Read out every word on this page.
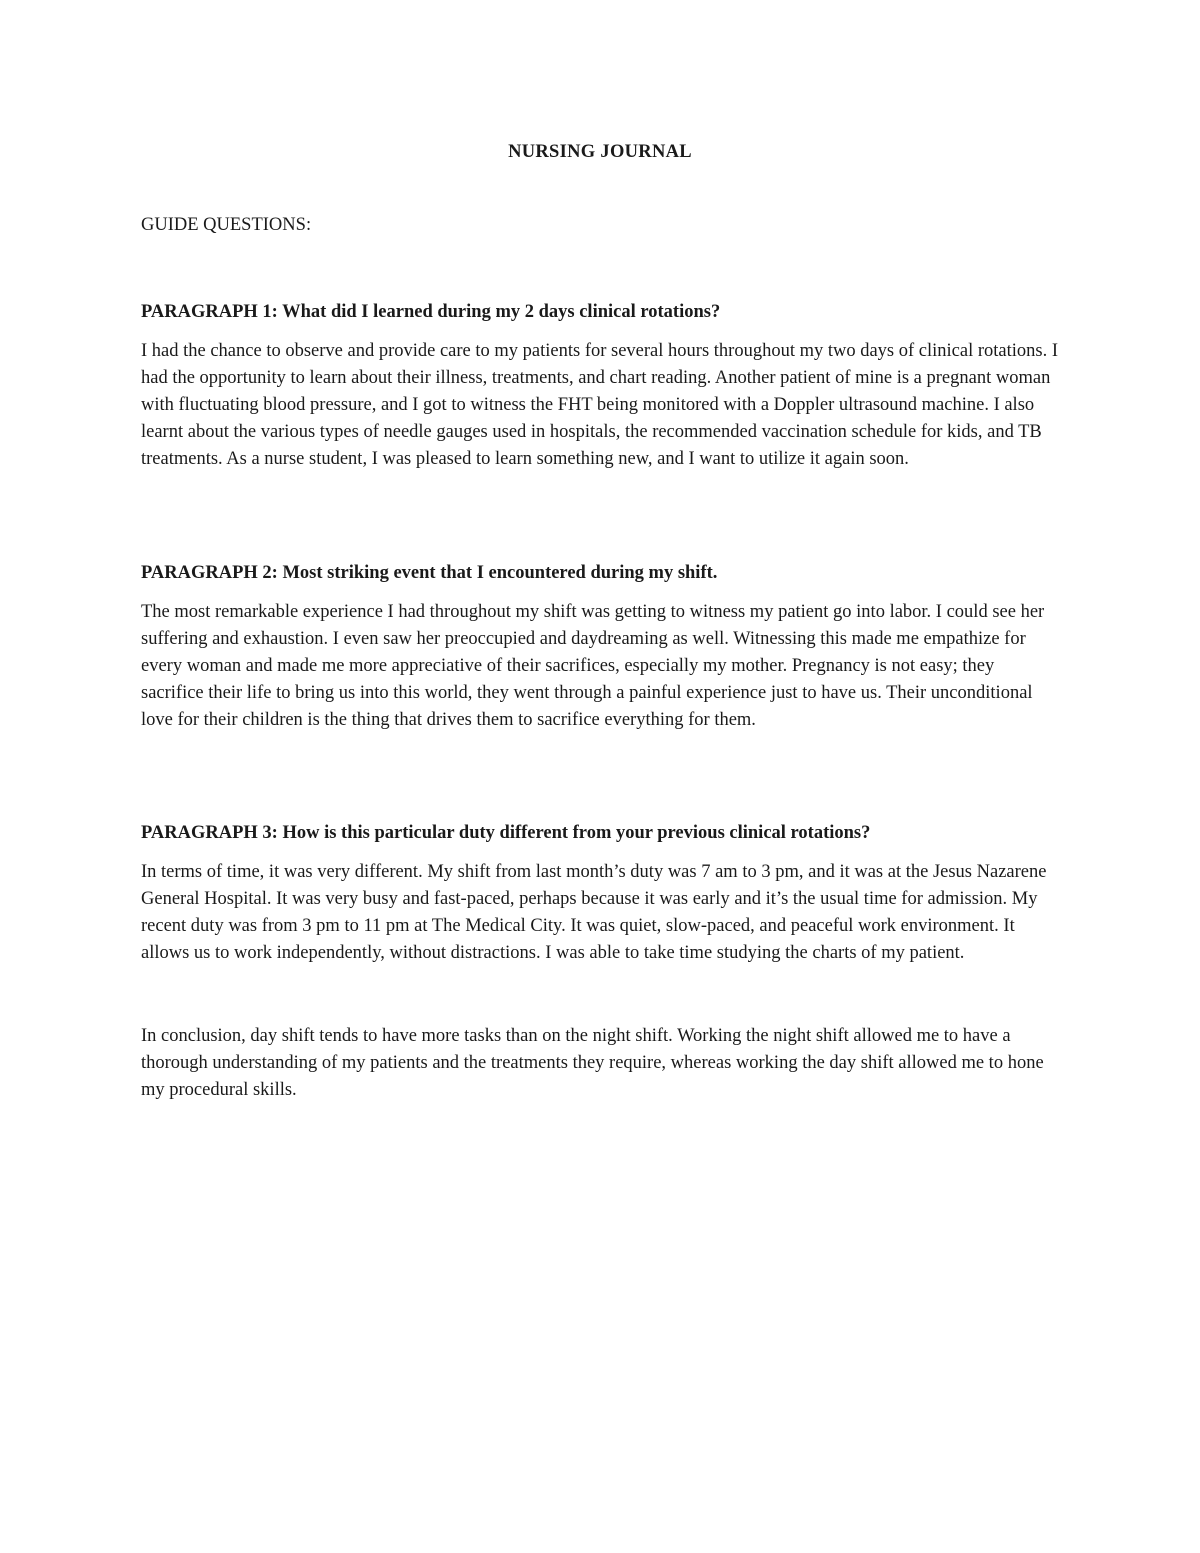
NURSING JOURNAL

GUIDE QUESTIONS:

PARAGRAPH 1: What did I learned during my 2 days clinical rotations?

I had the chance to observe and provide care to my patients for several hours throughout my two days of clinical rotations. I had the opportunity to learn about their illness, treatments, and chart reading. Another patient of mine is a pregnant woman with fluctuating blood pressure, and I got to witness the FHT being monitored with a Doppler ultrasound machine. I also learnt about the various types of needle gauges used in hospitals, the recommended vaccination schedule for kids, and TB treatments. As a nurse student, I was pleased to learn something new, and I want to utilize it again soon.

PARAGRAPH 2: Most striking event that I encountered during my shift.

The most remarkable experience I had throughout my shift was getting to witness my patient go into labor. I could see her suffering and exhaustion. I even saw her preoccupied and daydreaming as well. Witnessing this made me empathize for every woman and made me more appreciative of their sacrifices, especially my mother. Pregnancy is not easy; they sacrifice their life to bring us into this world, they went through a painful experience just to have us. Their unconditional love for their children is the thing that drives them to sacrifice everything for them.

PARAGRAPH 3: How is this particular duty different from your previous clinical rotations?

In terms of time, it was very different. My shift from last month’s duty was 7 am to 3 pm, and it was at the Jesus Nazarene General Hospital. It was very busy and fast-paced, perhaps because it was early and it’s the usual time for admission. My recent duty was from 3 pm to 11 pm at The Medical City. It was quiet, slow-paced, and peaceful work environment. It allows us to work independently, without distractions. I was able to take time studying the charts of my patient.

In conclusion, day shift tends to have more tasks than on the night shift. Working the night shift allowed me to have a thorough understanding of my patients and the treatments they require, whereas working the day shift allowed me to hone my procedural skills.
